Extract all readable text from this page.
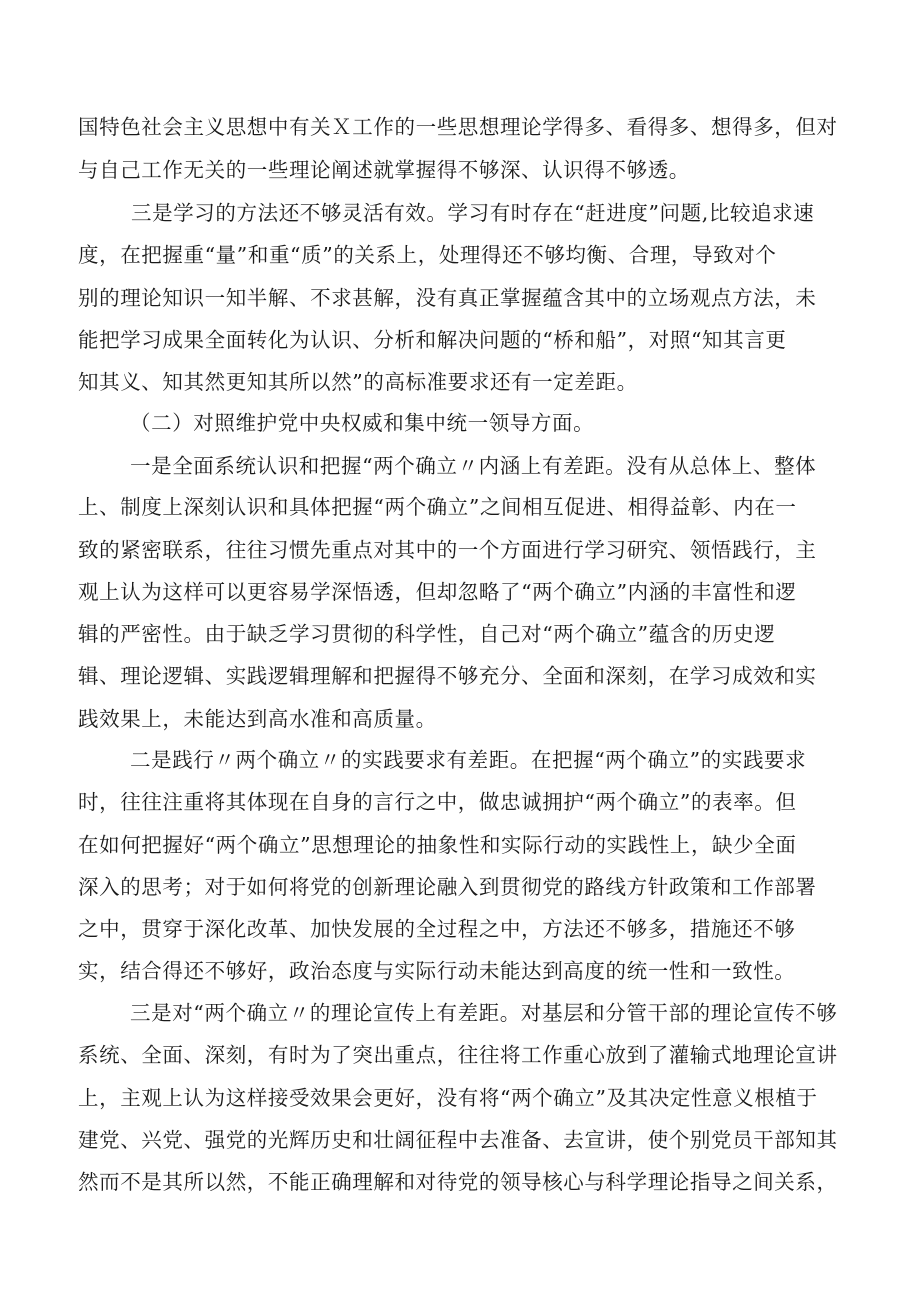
国特色社会主义思想中有关Ｘ工作的一些思想理论学得多、看得多、想得多，但对
与自己工作无关的一些理论阐述就掌握得不够深、认识得不够透。
三是学习的方法还不够灵活有效。学习有时存在“赶进度”问题,比较追求速
度，在把握重“量”和重“质”的关系上，处理得还不够均衡、合理，导致对个
别的理论知识一知半解、不求甚解，没有真正掌握蕴含其中的立场观点方法，未
能把学习成果全面转化为认识、分析和解决问题的“桥和船”，对照“知其言更
知其义、知其然更知其所以然”的高标准要求还有一定差距。
（二）对照维护党中央权威和集中统一领导方面。
一是全面系统认识和把握“两个确立〃内涵上有差距。没有从总体上、整体
上、制度上深刻认识和具体把握“两个确立”之间相互促进、相得益彰、内在一
致的紧密联系，往往习惯先重点对其中的一个方面进行学习研究、领悟践行，主
观上认为这样可以更容易学深悟透，但却忽略了“两个确立”内涵的丰富性和逻
辑的严密性。由于缺乏学习贯彻的科学性，自己对“两个确立”蕴含的历史逻
辑、理论逻辑、实践逻辑理解和把握得不够充分、全面和深刻，在学习成效和实
践效果上，未能达到高水准和高质量。
二是践行〃两个确立〃的实践要求有差距。在把握“两个确立”的实践要求
时，往往注重将其体现在自身的言行之中，做忠诚拥护“两个确立”的表率。但
在如何把握好“两个确立”思想理论的抽象性和实际行动的实践性上，缺少全面
深入的思考；对于如何将党的创新理论融入到贯彻党的路线方针政策和工作部署
之中，贯穿于深化改革、加快发展的全过程之中，方法还不够多，措施还不够
实，结合得还不够好，政治态度与实际行动未能达到高度的统一性和一致性。
三是对“两个确立〃的理论宣传上有差距。对基层和分管干部的理论宣传不够
系统、全面、深刻，有时为了突出重点，往往将工作重心放到了灌输式地理论宣讲
上，主观上认为这样接受效果会更好，没有将“两个确立”及其决定性意义根植于
建党、兴党、强党的光辉历史和壮阔征程中去准备、去宣讲，使个别党员干部知其
然而不是其所以然，不能正确理解和对待党的领导核心与科学理论指导之间关系，
